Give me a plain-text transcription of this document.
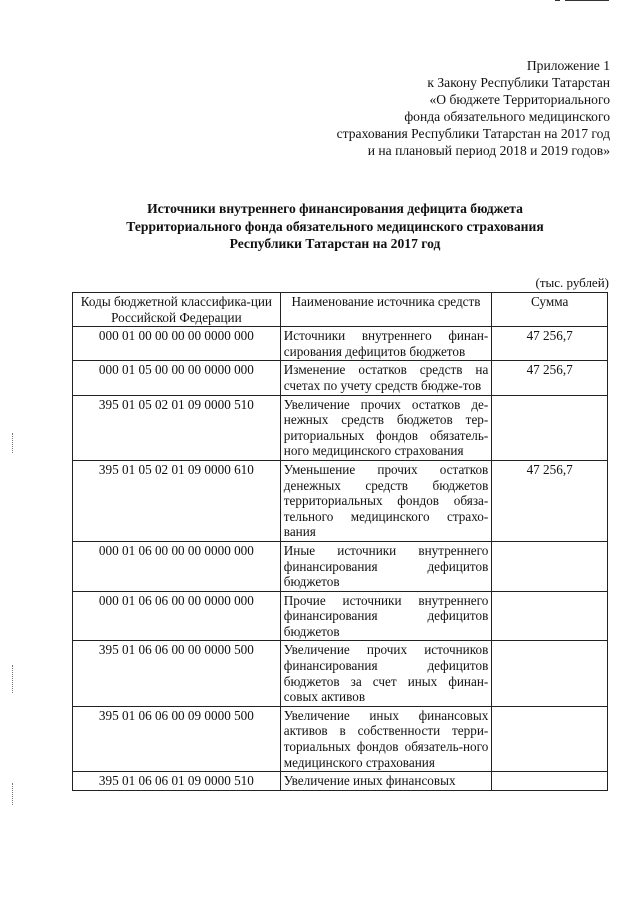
Приложение 1
к Закону Республики Татарстан
«О бюджете Территориального
фонда обязательного медицинского
страхования Республики Татарстан на 2017 год
и на плановый период 2018 и 2019 годов»
Источники внутреннего финансирования дефицита бюджета
Территориального фонда обязательного медицинского страхования
Республики Татарстан на 2017 год
(тыс. рублей)
Коды бюджетной классифика-ции Российской Федерации	Наименование источника средств	Сумма
000 01 00 00 00 00 0000 000	Источники внутреннего финан-сирования дефицитов бюджетов	47 256,7
000 01 05 00 00 00 0000 000	Изменение остатков средств на счетах по учету средств бюдже-тов	47 256,7
395 01 05 02 01 09 0000 510	Увеличение прочих остатков де-нежных средств бюджетов тер-риториальных фондов обязатель-ного медицинского страхования	
395 01 05 02 01 09 0000 610	Уменьшение прочих остатков денежных средств бюджетов территориальных фондов обяза-тельного медицинского страхо-вания	47 256,7
000 01 06 00 00 00 0000 000	Иные источники внутреннего финансирования дефицитов бюджетов	
000 01 06 06 00 00 0000 000	Прочие источники внутреннего финансирования дефицитов бюджетов	
395 01 06 06 00 00 0000 500	Увеличение прочих источников финансирования дефицитов бюджетов за счет иных финан-совых активов	
395 01 06 06 00 09 0000 500	Увеличение иных финансовых активов в собственности терри-ториальных фондов обязатель-ного медицинского страхования	
395 01 06 06 01 09 0000 510	Увеличение иных финансовых	
